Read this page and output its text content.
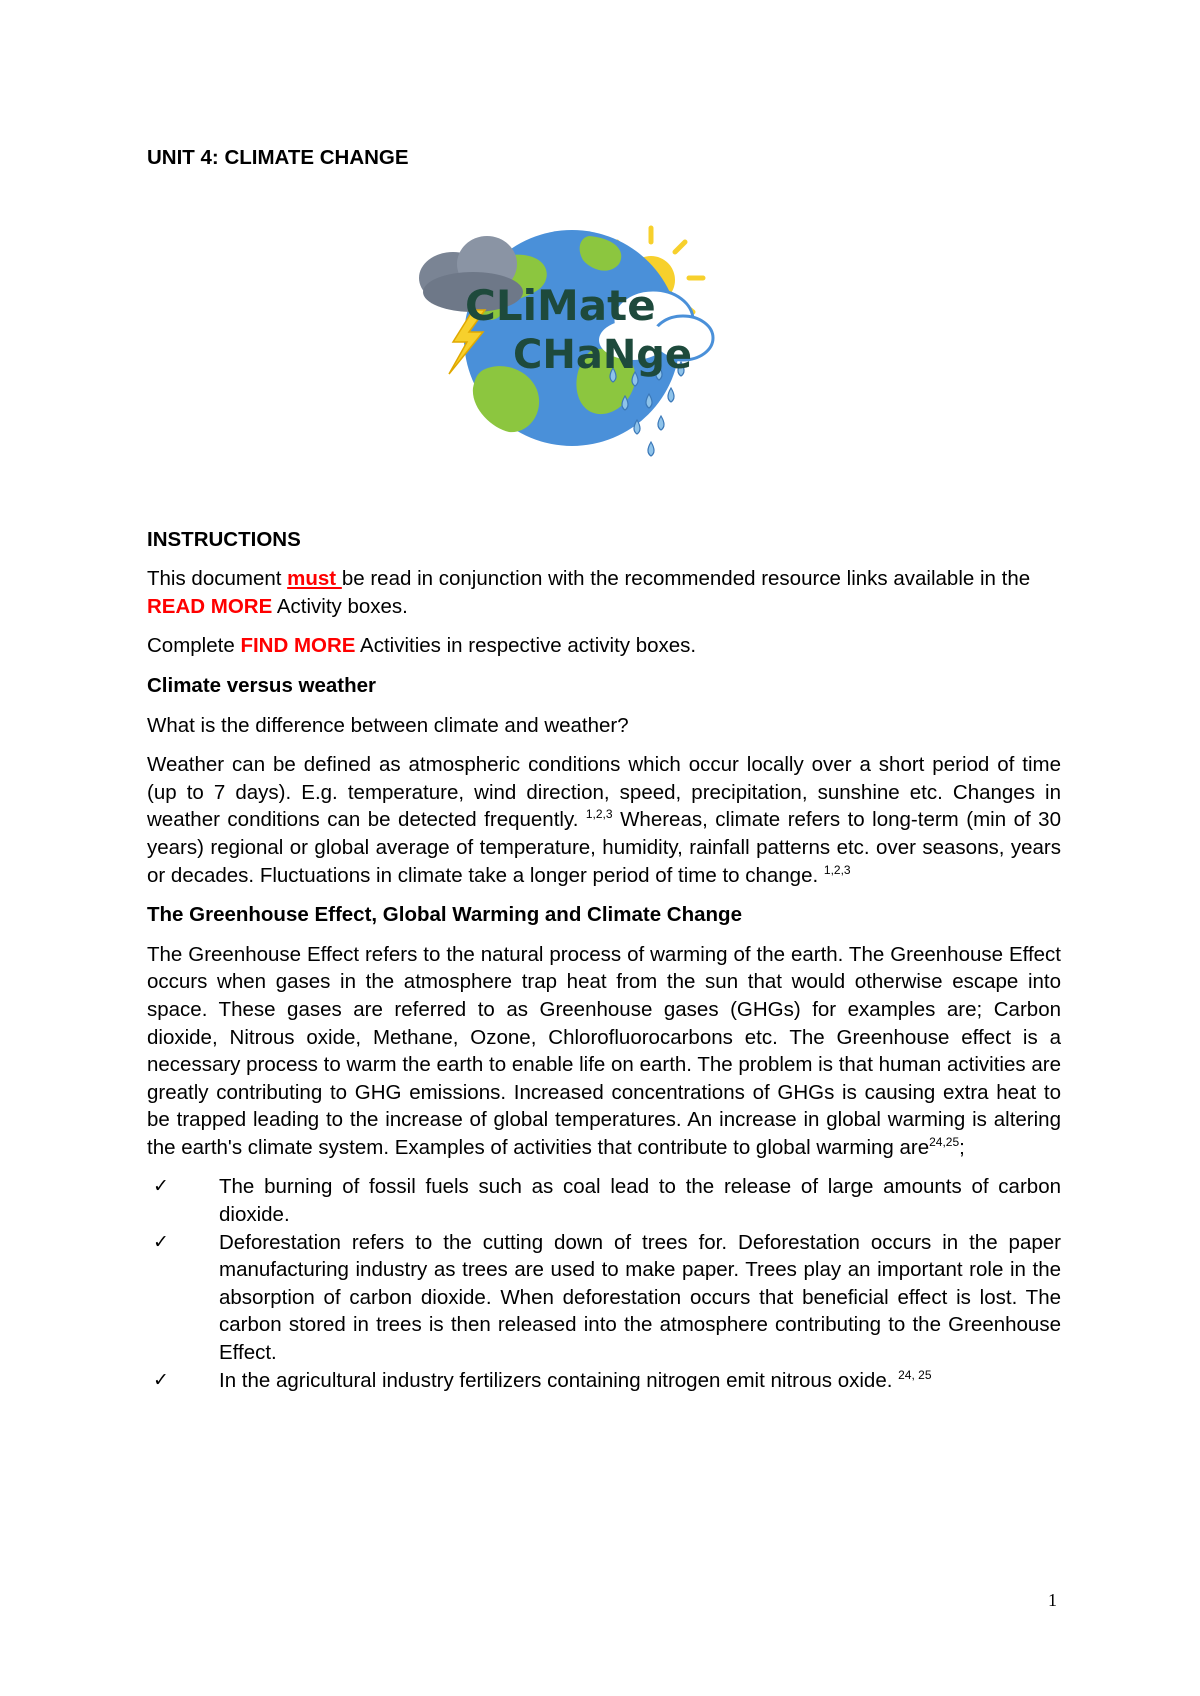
UNIT 4: CLIMATE CHANGE

CLiMate
CHaNge

INSTRUCTIONS

This document must be read in conjunction with the recommended resource links available in the READ MORE Activity boxes.

Complete FIND MORE Activities in respective activity boxes.

Climate versus weather

What is the difference between climate and weather?

Weather can be defined as atmospheric conditions which occur locally over a short period of time (up to 7 days). E.g. temperature, wind direction, speed, precipitation, sunshine etc. Changes in weather conditions can be detected frequently. $^{1,2,3}$ Whereas, climate refers to long-term (min of 30 years) regional or global average of temperature, humidity, rainfall patterns etc. over seasons, years or decades. Fluctuations in climate take a longer period of time to change. $^{1,2,3}$

The Greenhouse Effect, Global Warming and Climate Change

The Greenhouse Effect refers to the natural process of warming of the earth. The Greenhouse Effect occurs when gases in the atmosphere trap heat from the sun that would otherwise escape into space. These gases are referred to as Greenhouse gases (GHGs) for examples are; Carbon dioxide, Nitrous oxide, Methane, Ozone, Chlorofluorocarbons etc. The Greenhouse effect is a necessary process to warm the earth to enable life on earth. The problem is that human activities are greatly contributing to GHG emissions. Increased concentrations of GHGs is causing extra heat to be trapped leading to the increase of global temperatures. An increase in global warming is altering the earth's climate system. Examples of activities that contribute to global warming are$^{24,25}$;

✓ The burning of fossil fuels such as coal lead to the release of large amounts of carbon dioxide.
✓ Deforestation refers to the cutting down of trees for. Deforestation occurs in the paper manufacturing industry as trees are used to make paper. Trees play an important role in the absorption of carbon dioxide. When deforestation occurs that beneficial effect is lost. The carbon stored in trees is then released into the atmosphere contributing to the Greenhouse Effect.
✓ In the agricultural industry fertilizers containing nitrogen emit nitrous oxide. $^{24, 25}$
1
